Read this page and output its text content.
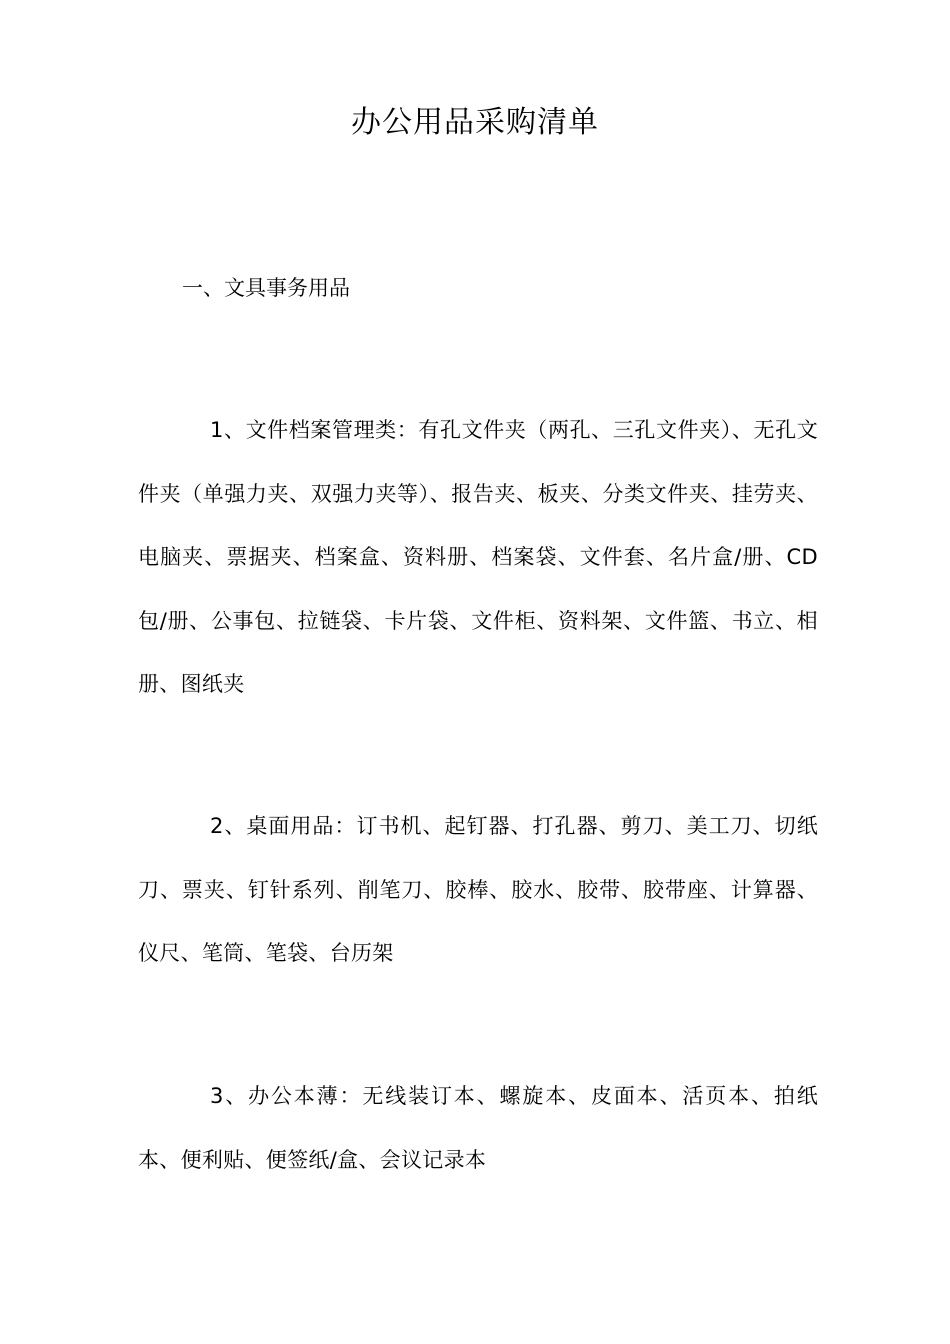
办公用品采购清单
一、文具事务用品

1、文件档案管理类：有孔文件夹（两孔、三孔文件夹）、无孔文件夹（单强力夹、双强力夹等）、报告夹、板夹、分类文件夹、挂劳夹、电脑夹、票据夹、档案盒、资料册、档案袋、文件套、名片盒/册、CD包/册、公事包、拉链袋、卡片袋、文件柜、资料架、文件篮、书立、相册、图纸夹

2、桌面用品：订书机、起钉器、打孔器、剪刀、美工刀、切纸刀、票夹、钉针系列、削笔刀、胶棒、胶水、胶带、胶带座、计算器、仪尺、笔筒、笔袋、台历架

3、办公本薄：无线装订本、螺旋本、皮面本、活页本、拍纸本、便利贴、便签纸/盒、会议记录本
